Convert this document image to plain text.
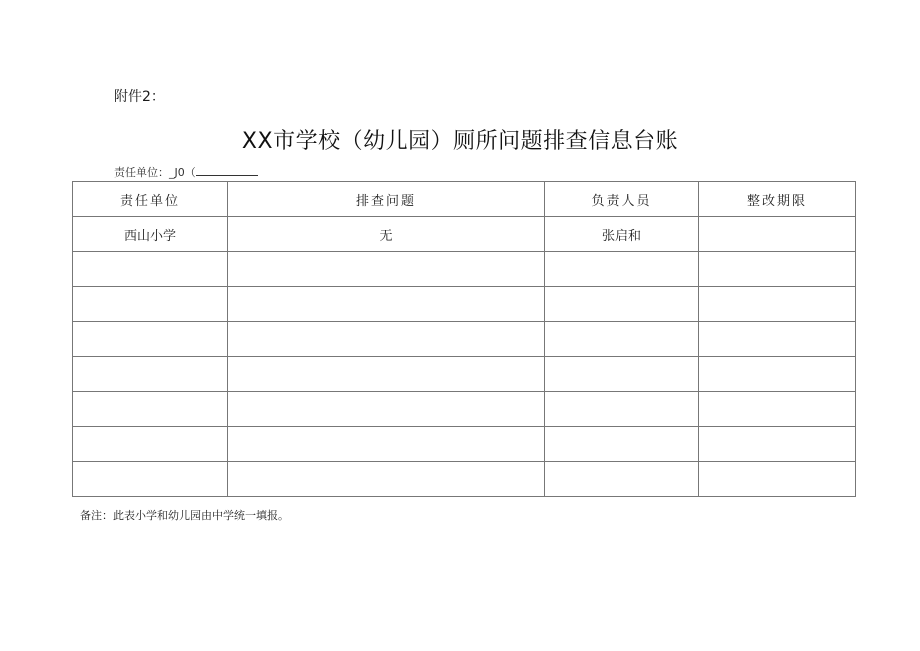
附件2：
XX市学校（幼儿园）厕所问题排查信息台账
责任单位：_J0（
责任单位	排查问题	负责人员	整改期限
西山小学	无	张启和	

备注：此表小学和幼儿园由中学统一填报。
